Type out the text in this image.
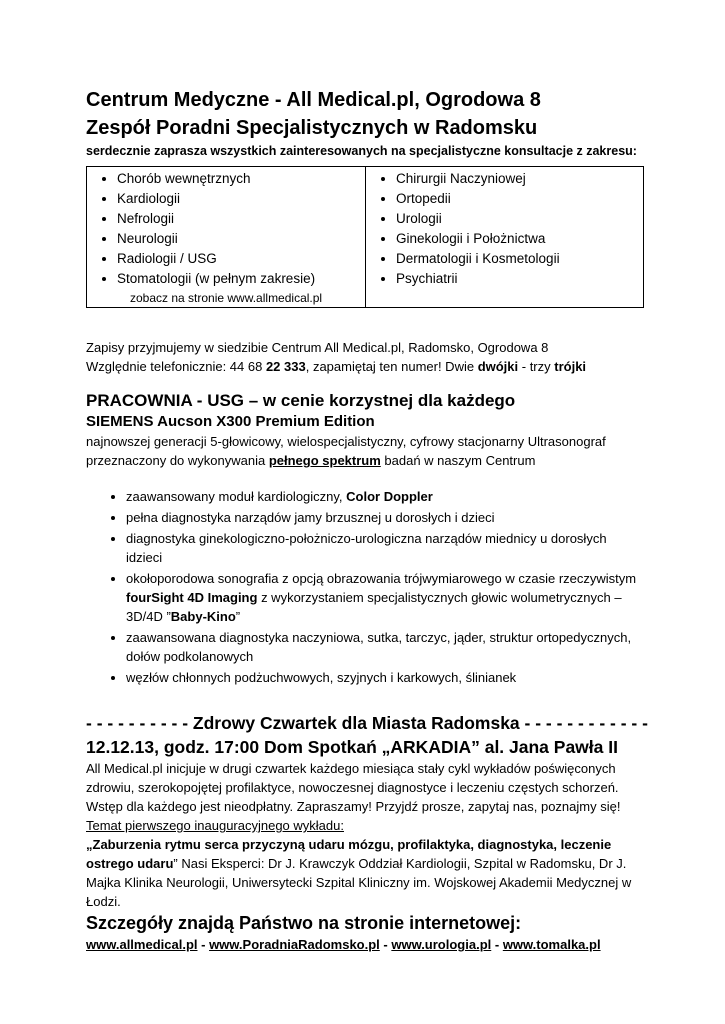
Centrum Medyczne - All Medical.pl, Ogrodowa 8
Zespół Poradni Specjalistycznych w Radomsku
serdecznie zaprasza wszystkich zainteresowanych na specjalistyczne konsultacje z zakresu:
• Chorób wewnętrznych
• Kardiologii
• Nefrologii
• Neurologii
• Radiologii / USG
• Stomatologii (w pełnym zakresie)
zobacz na stronie www.allmedical.pl

• Chirurgii Naczyniowej
• Ortopedii
• Urologii
• Ginekologii i Położnictwa
• Dermatologii i Kosmetologii
• Psychiatrii

Zapisy przyjmujemy w siedzibie Centrum All Medical.pl, Radomsko, Ogrodowa 8

Względnie telefonicznie: 44 68 22 333, zapamiętaj ten numer! Dwie dwójki - trzy trójki

PRACOWNIA - USG – w cenie korzystnej dla każdego
SIEMENS Aucson X300 Premium Edition

najnowszej generacji 5-głowicowy, wielospecjalistyczny, cyfrowy stacjonarny Ultrasonograf przeznaczony do wykonywania pełnego spektrum badań w naszym Centrum

• zaawansowany moduł kardiologiczny, Color Doppler
• pełna diagnostyka narządów jamy brzusznej u dorosłych i dzieci
• diagnostyka ginekologiczno-położniczo-urologiczna narządów miednicy u dorosłych idzieci
• okołoporodowa sonografia z opcją obrazowania trójwymiarowego w czasie rzeczywistym fourSight 4D Imaging z wykorzystaniem specjalistycznych głowic wolumetrycznych – 3D/4D ”Baby-Kino”
• zaawansowana diagnostyka naczyniowa, sutka, tarczyc, jąder, struktur ortopedycznych, dołów podkolanowych
• węzłów chłonnych podżuchwowych, szyjnych i karkowych, ślinianek
- - - - - - - - - - Zdrowy Czwartek dla Miasta Radomska - - - - - - - - - - - -
12.12.13, godz. 17:00 Dom Spotkań „ARKADIA” al. Jana Pawła II

All Medical.pl inicjuje w drugi czwartek każdego miesiąca stały cykl wykładów poświęconych zdrowiu, szerokopojętej profilaktyce, nowoczesnej diagnostyce i leczeniu częstych schorzeń. Wstęp dla każdego jest nieodpłatny. Zapraszamy! Przyjdź prosze, zapytaj nas, poznajmy się!

Temat pierwszego inauguracyjnego wykładu:

„Zaburzenia rytmu serca przyczyną udaru mózgu, profilaktyka, diagnostyka, leczenie ostrego udaru” Nasi Eksperci: Dr J. Krawczyk Oddział Kardiologii, Szpital w Radomsku, Dr J. Majka Klinika Neurologii, Uniwersytecki Szpital Kliniczny im. Wojskowej Akademii Medycznej w Łodzi.

Szczegóły znajdą Państwo na stronie internetowej:
www.allmedical.pl - www.PoradniaRadomsko.pl - www.urologia.pl - www.tomalka.pl
